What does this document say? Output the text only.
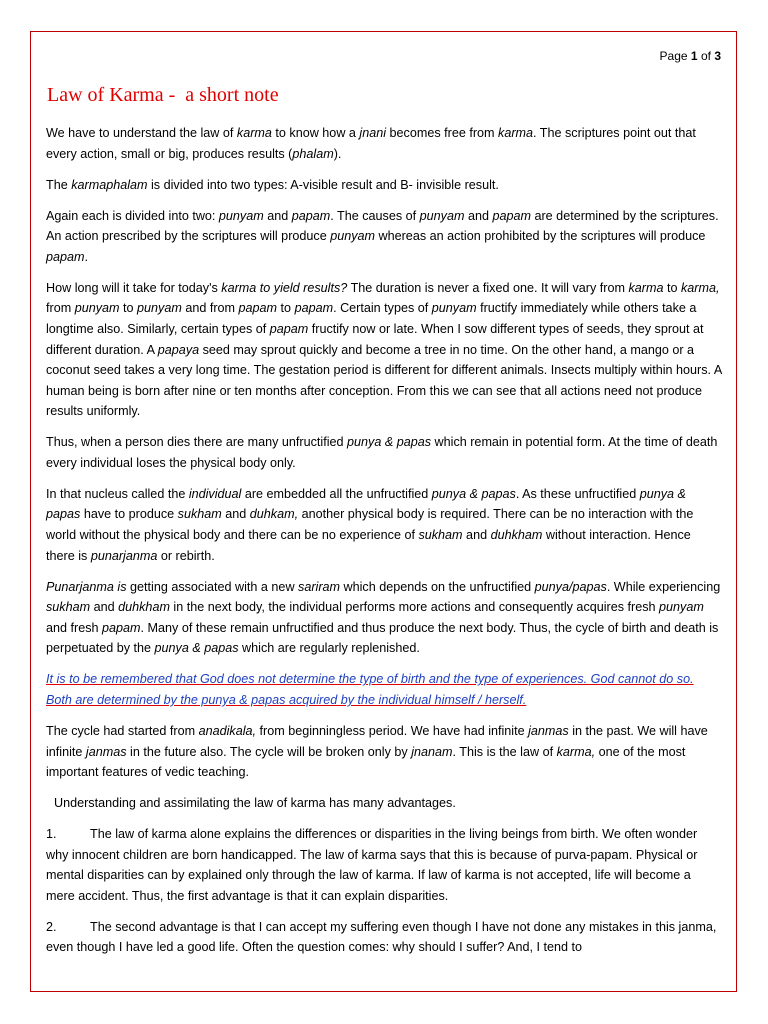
Page 1 of 3
Law of Karma -  a short note

We have to understand the law of karma to know how a jnani becomes free from karma. The scriptures point out that every action, small or big, produces results (phalam).

The karmaphalam is divided into two types: A-visible result and B- invisible result.

Again each is divided into two: punyam and papam. The causes of punyam and papam are determined by the scriptures. An action prescribed by the scriptures will produce punyam whereas an action prohibited by the scriptures will produce papam.

How long will it take for today's karma to yield results? The duration is never a fixed one. It will vary from karma to karma, from punyam to punyam and from papam to papam. Certain types of punyam fructify immediately while others take a longtime also. Similarly, certain types of papam fructify now or late. When I sow different types of seeds, they sprout at different duration. A papaya seed may sprout quickly and become a tree in no time. On the other hand, a mango or a coconut seed takes a very long time. The gestation period is different for different animals. Insects multiply within hours. A human being is born after nine or ten months after conception. From this we can see that all actions need not produce results uniformly.

Thus, when a person dies there are many unfructified punya & papas which remain in potential form. At the time of death every individual loses the physical body only.

In that nucleus called the individual are embedded all the unfructified punya & papas. As these unfructified punya & papas have to produce sukham and duhkam, another physical body is required. There can be no interaction with the world without the physical body and there can be no experience of sukham and duhkham without interaction. Hence there is punarjanma or rebirth.

Punarjanma is getting associated with a new sariram which depends on the unfructified punya/papas. While experiencing sukham and duhkham in the next body, the individual performs more actions and consequently acquires fresh punyam and fresh papam. Many of these remain unfructified and thus produce the next body. Thus, the cycle of birth and death is perpetuated by the punya & papas which are regularly replenished.

It is to be remembered that God does not determine the type of birth and the type of experiences. God cannot do so. Both are determined by the punya & papas acquired by the individual himself / herself.

The cycle had started from anadikala, from beginningless period. We have had infinite janmas in the past. We will have infinite janmas in the future also. The cycle will be broken only by jnanam. This is the law of karma, one of the most important features of vedic teaching.

Understanding and assimilating the law of karma has many advantages.

1.	The law of karma alone explains the differences or disparities in the living beings from birth. We often wonder why innocent children are born handicapped. The law of karma says that this is because of purva-papam. Physical or mental disparities can by explained only through the law of karma. If law of karma is not accepted, life will become a mere accident. Thus, the first advantage is that it can explain disparities.

2.	The second advantage is that I can accept my suffering even though I have not done any mistakes in this janma, even though I have led a good life. Often the question comes: why should I suffer? And, I tend to
